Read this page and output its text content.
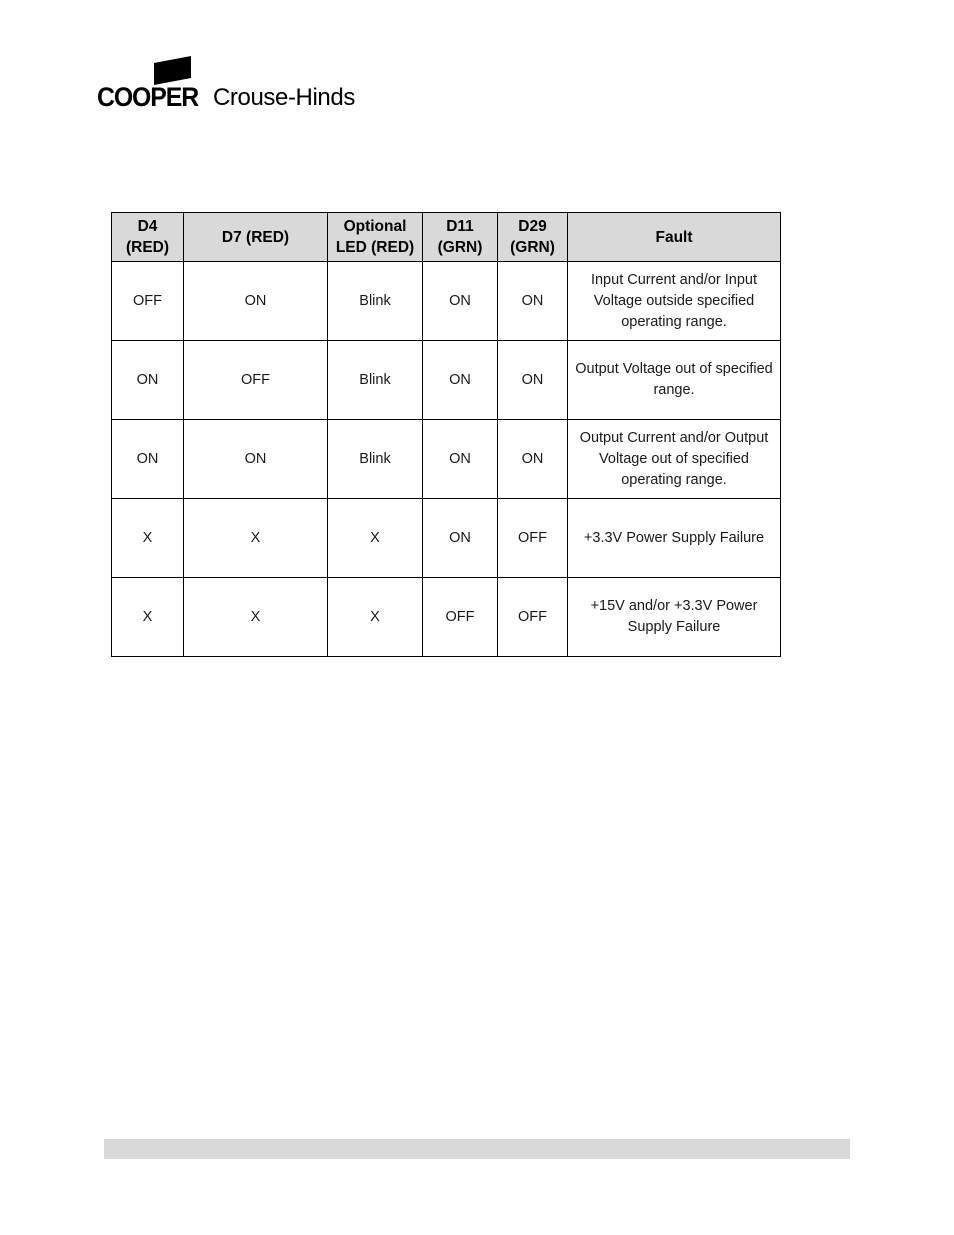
COOPER Crouse-Hinds
D4 (RED)	D7 (RED)	Optional LED (RED)	D11 (GRN)	D29 (GRN)	Fault
OFF	ON	Blink	ON	ON	Input Current and/or Input Voltage outside specified operating range.
ON	OFF	Blink	ON	ON	Output Voltage out of specified range.
ON	ON	Blink	ON	ON	Output Current and/or Output Voltage out of specified operating range.
X	X	X	ON	OFF	+3.3V Power Supply Failure
X	X	X	OFF	OFF	+15V and/or +3.3V Power Supply Failure
